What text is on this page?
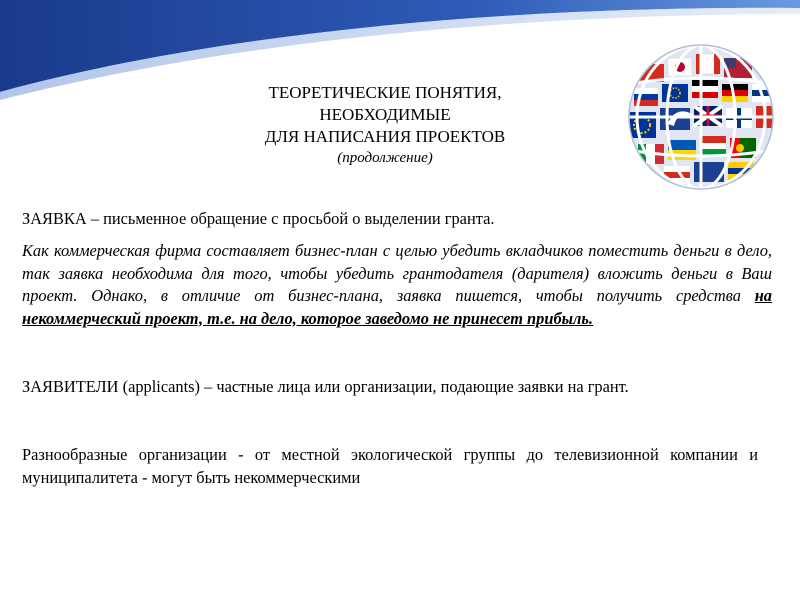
ТЕОРЕТИЧЕСКИЕ ПОНЯТИЯ,
НЕОБХОДИМЫЕ
ДЛЯ НАПИСАНИЯ ПРОЕКТОВ
(продолжение)
ЗАЯВКА – письменное обращение с просьбой о выделении гранта.
Как коммерческая фирма составляет бизнес-план с целью убедить вкладчиков поместить деньги в дело, так заявка необходима для того, чтобы убедить грантодателя (дарителя) вложить деньги в Ваш проект. Однако, в отличие от бизнес-плана, заявка пишется, чтобы получить средства на некоммерческий проект, т.е. на дело, которое заведомо не принесет прибыль.
ЗАЯВИТЕЛИ (applicants) – частные лица или организации, подающие заявки на грант.
Разнообразные организации - от местной экологической группы до телевизионной компании и муниципалитета - могут быть некоммерческими
